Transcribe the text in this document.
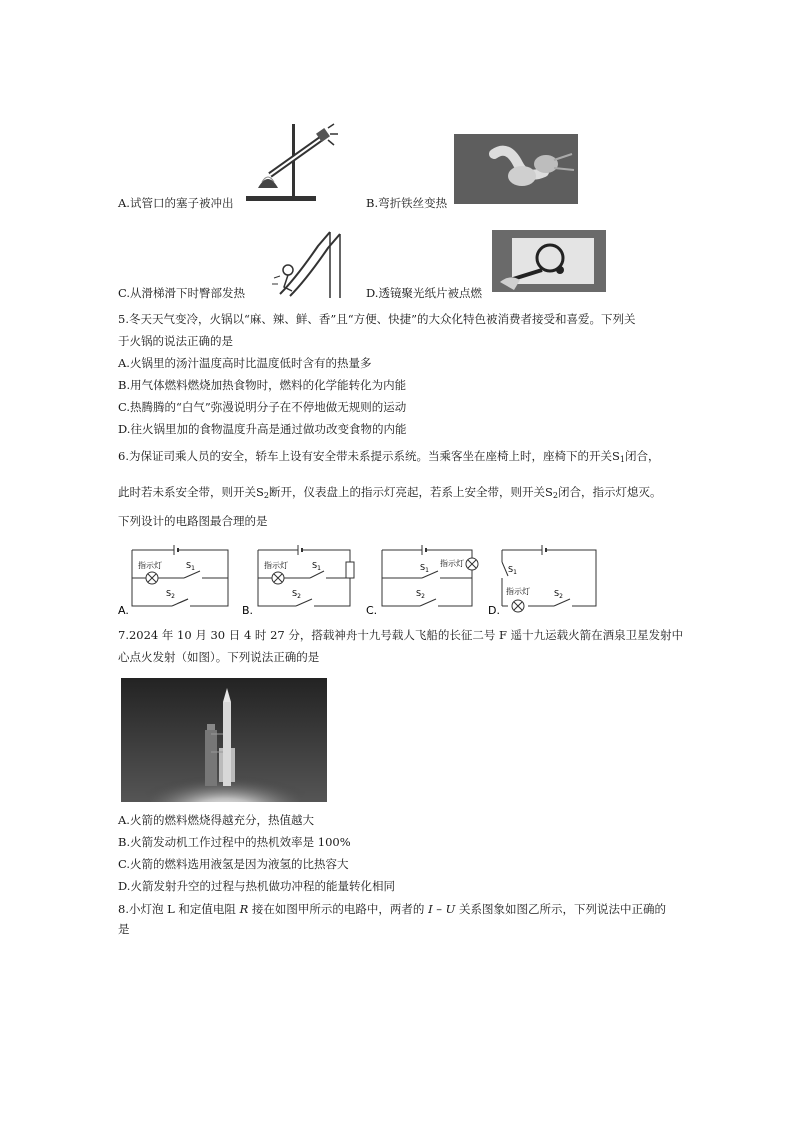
A.试管口的塞子被冲出	B.弯折铁丝变热
C.从滑梯滑下时臀部发热	D.透镜聚光纸片被点燃
5.冬天天气变冷，火锅以“麻、辣、鲜、香”且“方便、快捷”的大众化特色被消费者接受和喜爱。下列关
于火锅的说法正确的是
A.火锅里的汤汁温度高时比温度低时含有的热量多
B.用气体燃料燃烧加热食物时，燃料的化学能转化为内能
C.热腾腾的“白气”弥漫说明分子在不停地做无规则的运动
D.往火锅里加的食物温度升高是通过做功改变食物的内能
6.为保证司乘人员的安全，轿车上设有安全带未系提示系统。当乘客坐在座椅上时，座椅下的开关$S_1$闭合，
此时若未系安全带，则开关$S_2$断开，仪表盘上的指示灯亮起，若系上安全带，则开关$S_2$闭合，指示灯熄灭。
下列设计的电路图最合理的是
A.
指示灯	$S_1$
$S_2$
B.
指示灯	$S_1$
$S_2$
C.
指示灯
$S_1$
$S_2$
D.
$S_1$
指示灯	$S_2$
7.2024 年 10 月 30 日 4 时 27 分，搭载神舟十九号载人飞船的长征二号 F 遥十九运载火箭在酒泉卫星发射中
心点火发射（如图）。下列说法正确的是
A.火箭的燃料燃烧得越充分，热值越大
B.火箭发动机工作过程中的热机效率是 100%
C.火箭的燃料选用液氢是因为液氢的比热容大
D.火箭发射升空的过程与热机做功冲程的能量转化相同
8.小灯泡 L 和定值电阻 R 接在如图甲所示的电路中，两者的 I – U 关系图象如图乙所示，下列说法中正确的
是
